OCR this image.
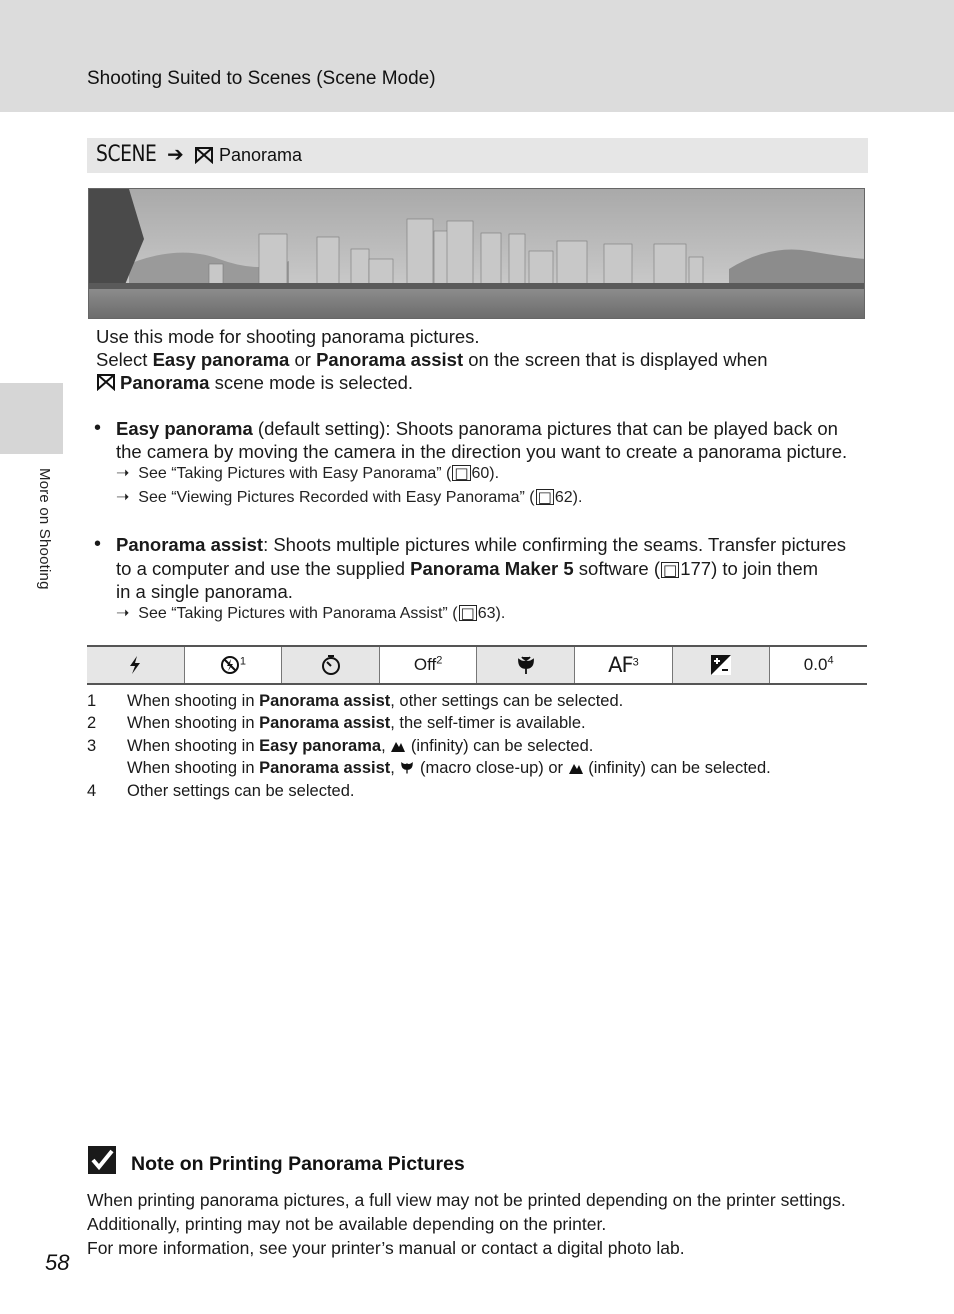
Shooting Suited to Scenes (Scene Mode)
More on Shooting
SCENE ➔ Panorama
Use this mode for shooting panorama pictures.
Select Easy panorama or Panorama assist on the screen that is displayed when
Panorama scene mode is selected.
• Easy panorama (default setting): Shoots panorama pictures that can be played back on
the camera by moving the camera in the direction you want to create a panorama picture.
➝ See “Taking Pictures with Easy Panorama” ( □ 60).
➝ See “Viewing Pictures Recorded with Easy Panorama” ( □ 62).
• Panorama assist: Shoots multiple pictures while confirming the seams. Transfer pictures
to a computer and use the supplied Panorama Maker 5 software ( □ 177) to join them
in a single panorama.
➝ See “Taking Pictures with Panorama Assist” ( □ 63).

$^1$		Off$^2$		$AF^3$		$0.0^4$
1	When shooting in Panorama assist, other settings can be selected.
2	When shooting in Panorama assist, the self-timer is available.
3	When shooting in Easy panorama,
(infinity) can be selected.
When shooting in Panorama assist,
(macro close-up) or
(infinity) can be selected.
4	Other settings can be selected.
Note on Printing Panorama Pictures
When printing panorama pictures, a full view may not be printed depending on the printer settings.
Additionally, printing may not be available depending on the printer.
For more information, see your printer’s manual or contact a digital photo lab.
58
